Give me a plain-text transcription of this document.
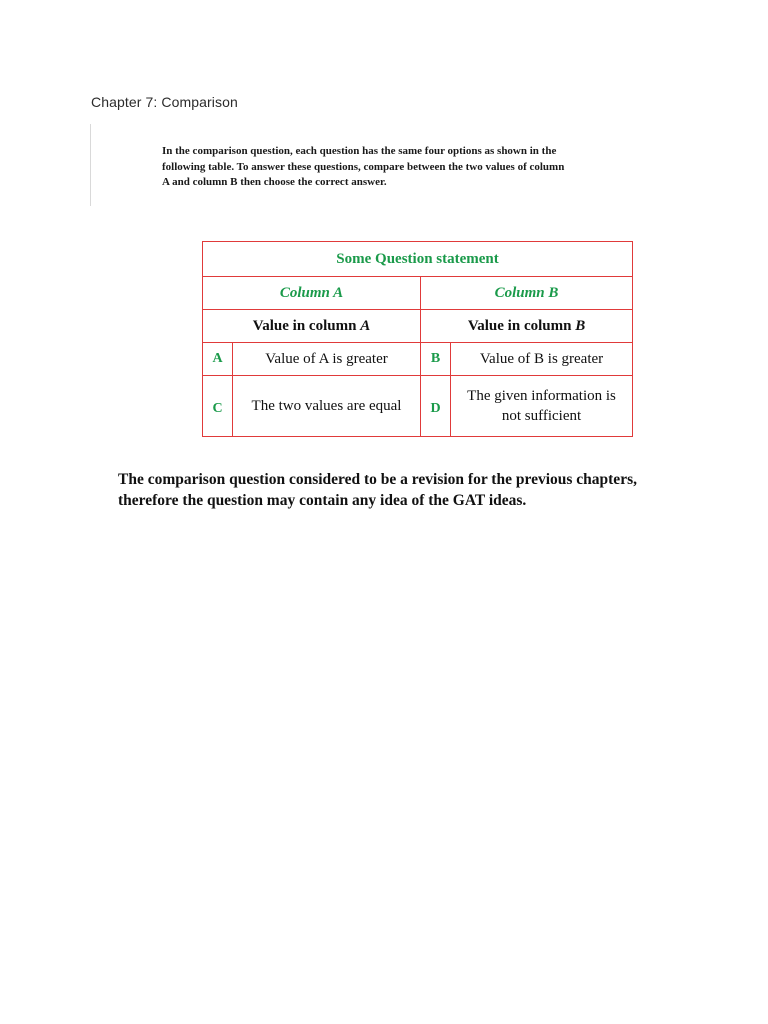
Chapter 7: Comparison
In the comparison question, each question has the same four options as shown in the
following table. To answer these questions, compare between the two values of column
A and column B then choose the correct answer.
Some Question statement			
Column A		Column B	
Value in column A		Value in column B	
A	Value of A is greater	B	Value of B is greater
C	The two values are equal	D	The given information is
not sufficient
The comparison question considered to be a revision for the previous chapters,
therefore the question may contain any idea of the GAT ideas.
